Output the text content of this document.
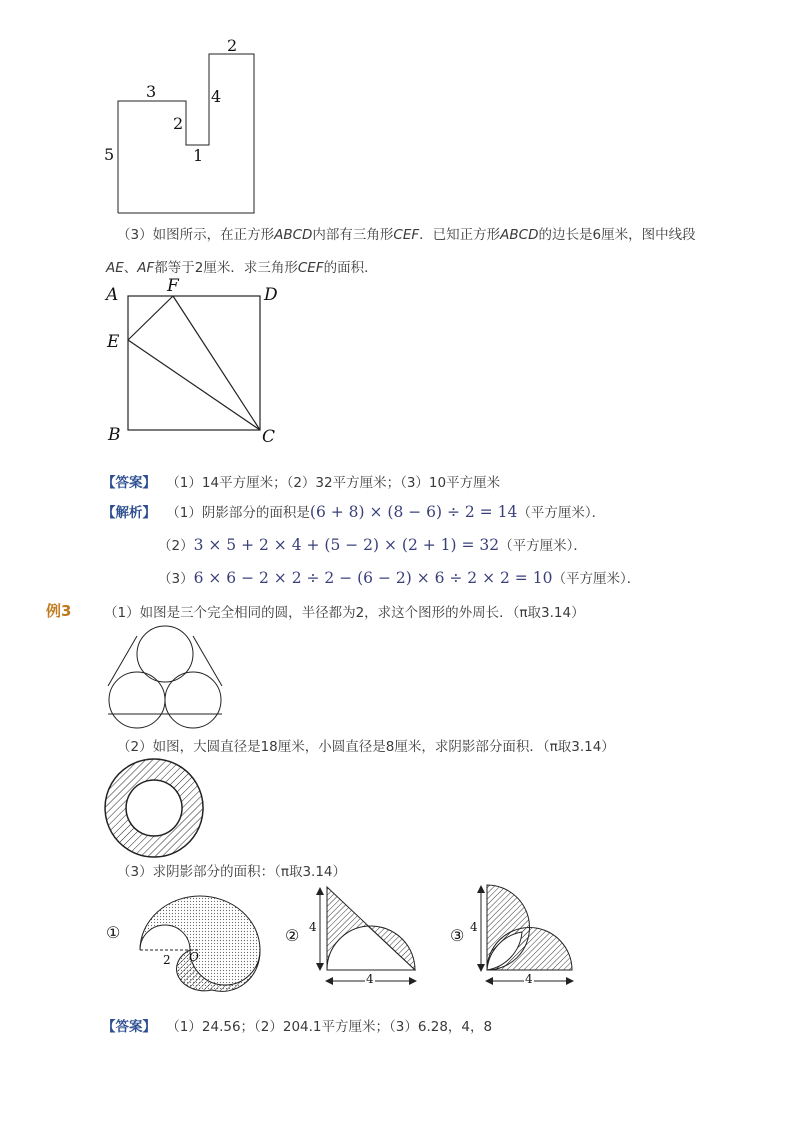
2
3	4
2
1
5
（3）如图所示，在正方形ABCD内部有三角形CEF．已知正方形ABCD的边长是6厘米，图中线段
AE、AF都等于2厘米．求三角形CEF的面积．
A	F	D
E
B	C
【答案】 （1）14平方厘米；（2）32平方厘米；（3）10平方厘米
【解析】 （1）阴影部分的面积是(6 + 8) × (8 − 6) ÷ 2 = 14（平方厘米）．
（2）3 × 5 + 2 × 4 + (5 − 2) × (2 + 1) = 32（平方厘米）．
（3）6 × 6 − 2 × 2 ÷ 2 − (6 − 2) × 6 ÷ 2 × 2 = 10（平方厘米）．
例3 （1）如图是三个完全相同的圆，半径都为2，求这个图形的外周长．（π取3.14）
（2）如图，大圆直径是18厘米，小圆直径是8厘米，求阴影部分面积．（π取3.14）
（3）求阴影部分的面积：（π取3.14）
①
2 O
② 4
4
③ 4
4
【答案】 （1）24.56；（2）204.1平方厘米；（3）6.28，4，8
